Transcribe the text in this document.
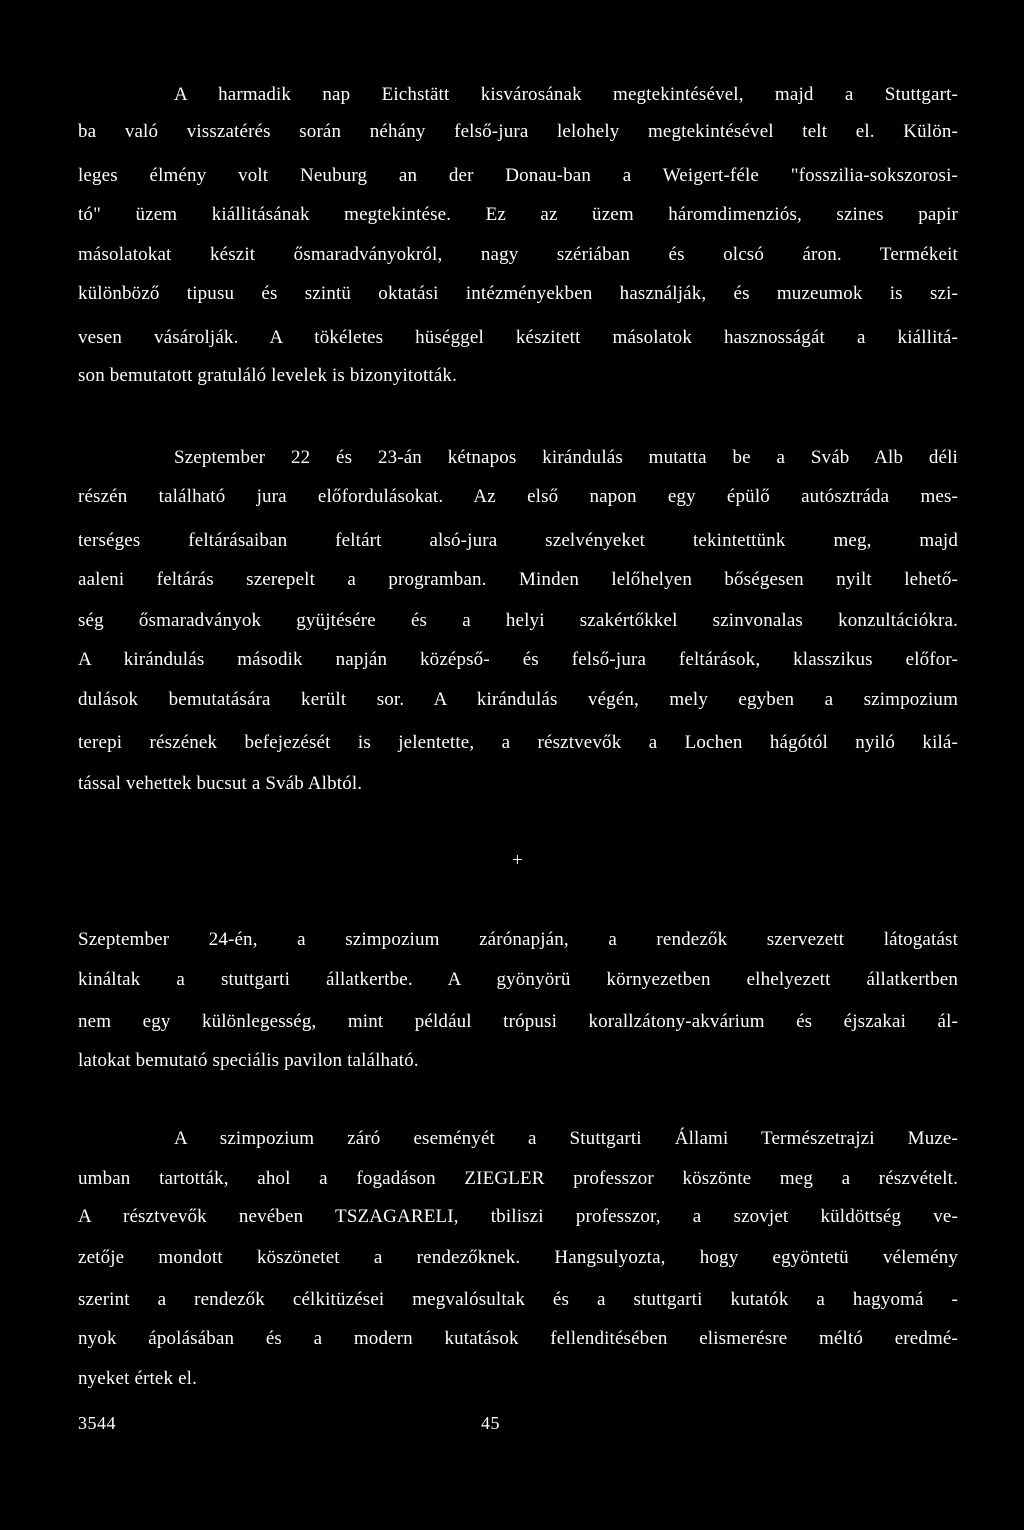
A harmadik nap Eichstätt kisvárosának megtekintésével, majd a Stuttgart-
ba való visszatérés során néhány felső-jura lelohely megtekintésével telt el. Külön-
leges élmény volt Neuburg an der Donau-ban a Weigert-féle "fosszilia-sokszorosi-
tó" üzem kiállitásának megtekintése. Ez az üzem háromdimenziós, szines papir
másolatokat készit ősmaradványokról, nagy szériában és olcsó áron. Termékeit
különböző tipusu és szintü oktatási intézményekben használják, és muzeumok is szi-
vesen vásárolják. A tökéletes hüséggel készitett másolatok hasznosságát a kiállitá-
son bemutatott gratuláló levelek is bizonyitották.
Szeptember 22 és 23-án kétnapos kirándulás mutatta be a Sváb Alb déli
részén található jura előfordulásokat. Az első napon egy épülő autósztráda mes-
terséges feltárásaiban feltárt alsó-jura szelvényeket tekintettünk meg, majd
aaleni feltárás szerepelt a programban. Minden lelőhelyen bőségesen nyilt lehető-
ség ősmaradványok gyüjtésére és a helyi szakértőkkel szinvonalas konzultációkra.
A kirándulás második napján középső- és felső-jura feltárások, klasszikus előfor-
dulások bemutatására került sor. A kirándulás végén, mely egyben a szimpozium
terepi részének befejezését is jelentette, a résztvevők a Lochen hágótól nyiló kilá-
tással vehettek bucsut a Sváb Albtól.
+
Szeptember 24-én, a szimpozium zárónapján, a rendezők szervezett látogatást
kináltak a stuttgarti állatkertbe. A gyönyörü környezetben elhelyezett állatkertben
nem egy különlegesség, mint például trópusi korallzátony-akvárium és éjszakai ál-
latokat bemutató speciális pavilon található.
A szimpozium záró eseményét a Stuttgarti Állami Természetrajzi Muze-
umban tartották, ahol a fogadáson ZIEGLER professzor köszönte meg a részvételt.
A résztvevők nevében TSZAGARELI, tbiliszi professzor, a szovjet küldöttség ve-
zetője mondott köszönetet a rendezőknek. Hangsulyozta, hogy egyöntetü vélemény
szerint a rendezők célkitüzései megvalósultak és a stuttgarti kutatók a hagyomá -
nyok ápolásában és a modern kutatások fellenditésében elismerésre méltó eredmé-
nyeket értek el.
3544	45
